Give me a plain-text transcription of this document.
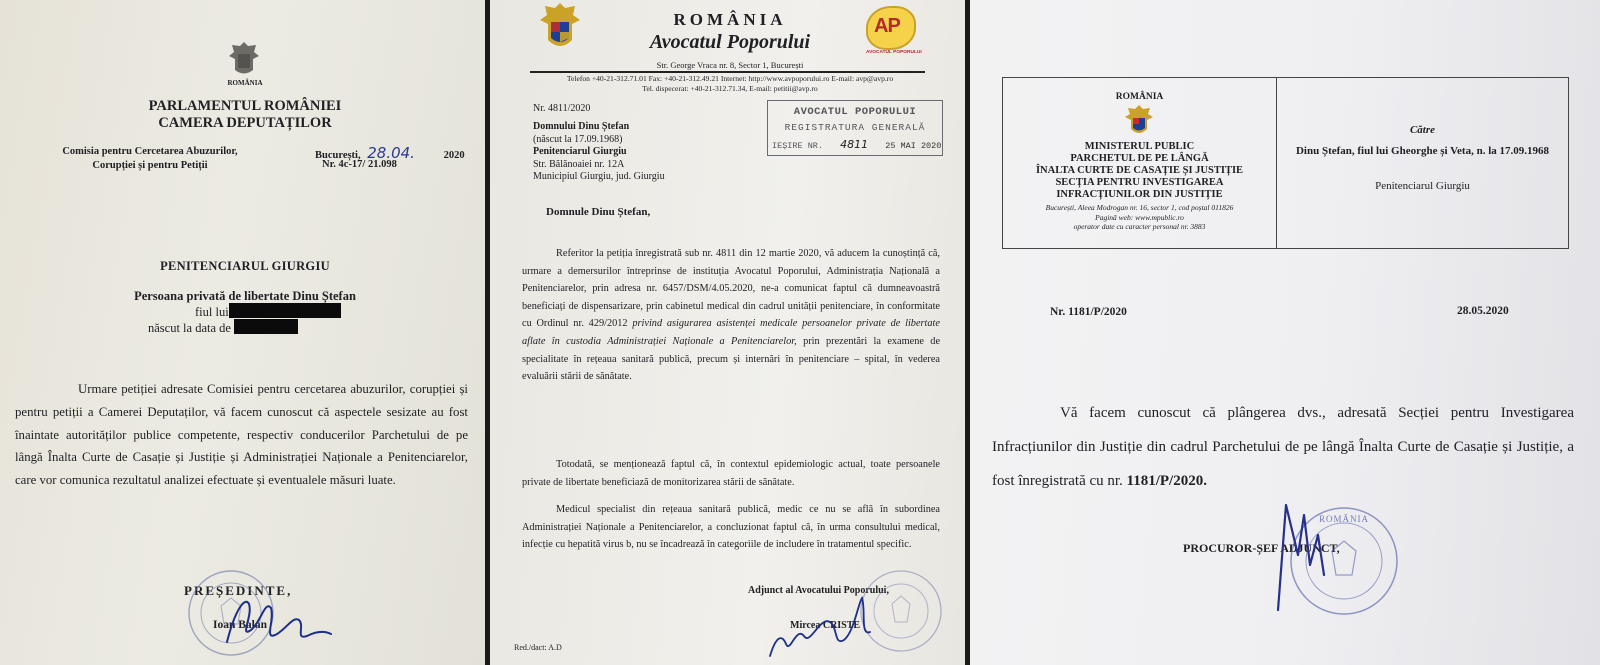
ROMÂNIA
PARLAMENTUL ROMÂNIEI
CAMERA DEPUTAȚILOR
Comisia pentru Cercetarea Abuzurilor,
Corupției și pentru Petiții
București, 28.04.	2020
Nr. 4c-17/ 21.098
PENITENCIARUL GIURGIU
Persoana privată de libertate Dinu Ștefan
fiul lui
născut la data de
Urmare petiției adresate Comisiei pentru cercetarea abuzurilor, corupției și pentru petiții a Camerei Deputaților, vă facem cunoscut că aspectele sesizate au fost înaintate autorităților publice competente, respectiv conducerilor Parchetului de pe lângă Înalta Curte de Casație și Justiție și Administrației Naționale a Penitenciarelor, care vor comunica rezultatul analizei efectuate și eventualele măsuri luate.
PREȘEDINTE,
Ioan Balan
ROMÂNIA
Avocatul Poporului
AP
AVOCATUL POPORULUI
Str. George Vraca nr. 8, Sector 1, București
Telefon +40-21-312.71.01 Fax: +40-21-312.49.21 Internet: http://www.avpoporului.ro E-mail: avp@avp.ro
Tel. dispecerat: +40-21-312.71.34, E-mail: petitii@avp.ro
Nr. 4811/2020
Domnului Dinu Ștefan
(născut la 17.09.1968)
Penitenciarul Giurgiu
Str. Bălănoaiei nr. 12A
Municipiul Giurgiu, jud. Giurgiu
AVOCATUL POPORULUI
REGISTRATURA GENERALĂ
IEȘIRE NR. 4811 25 MAI 2020
Domnule Dinu Ștefan,
Referitor la petiția înregistrată sub nr. 4811 din 12 martie 2020, vă aducem la cunoștință că, urmare a demersurilor întreprinse de instituția Avocatul Poporului, Administrația Națională a Penitenciarelor, prin adresa nr. 6457/DSM/4.05.2020, ne-a comunicat faptul că dumneavoastră beneficiați de dispensarizare, prin cabinetul medical din cadrul unității penitenciare, în conformitate cu Ordinul nr. 429/2012 privind asigurarea asistenței medicale persoanelor private de libertate aflate în custodia Administrației Naționale a Penitenciarelor, prin prezentări la examene de specialitate în rețeaua sanitară publică, precum și internări în penitenciare – spital, în vederea evaluării stării de sănătate.
Totodată, se menționează faptul că, în contextul epidemiologic actual, toate persoanele private de libertate beneficiază de monitorizarea stării de sănătate.
Medicul specialist din rețeaua sanitară publică, medic ce nu se află în subordinea Administrației Naționale a Penitenciarelor, a concluzionat faptul că, în urma consultului medical, infecție cu hepatită virus b, nu se încadrează în categoriile de includere în tratamentul specific.
Adjunct al Avocatului Poporului,
Mircea CRISTE
Red./dact: A.D
ROMÂNIA
MINISTERUL PUBLIC
PARCHETUL DE PE LÂNGĂ
ÎNALTA CURTE DE CASAȚIE ȘI JUSTIȚIE
SECȚIA PENTRU INVESTIGAREA
INFRACȚIUNILOR DIN JUSTIȚIE
București, Aleea Modrogan nr. 16, sector 1, cod poștal 011826
Pagină web: www.mpublic.ro
operator date cu caracter personal nr. 3883
Către
Dinu Ștefan, fiul lui Gheorghe și Veta, n. la 17.09.1968
Penitenciarul Giurgiu
Nr. 1181/P/2020	28.05.2020
Vă facem cunoscut că plângerea dvs., adresată Secției pentru Investigarea Infracțiunilor din Justiție din cadrul Parchetului de pe lângă Înalta Curte de Casație și Justiție, a fost înregistrată cu nr. 1181/P/2020.
PROCUROR-ȘEF ADJUNCT,
ROMÂNIA
